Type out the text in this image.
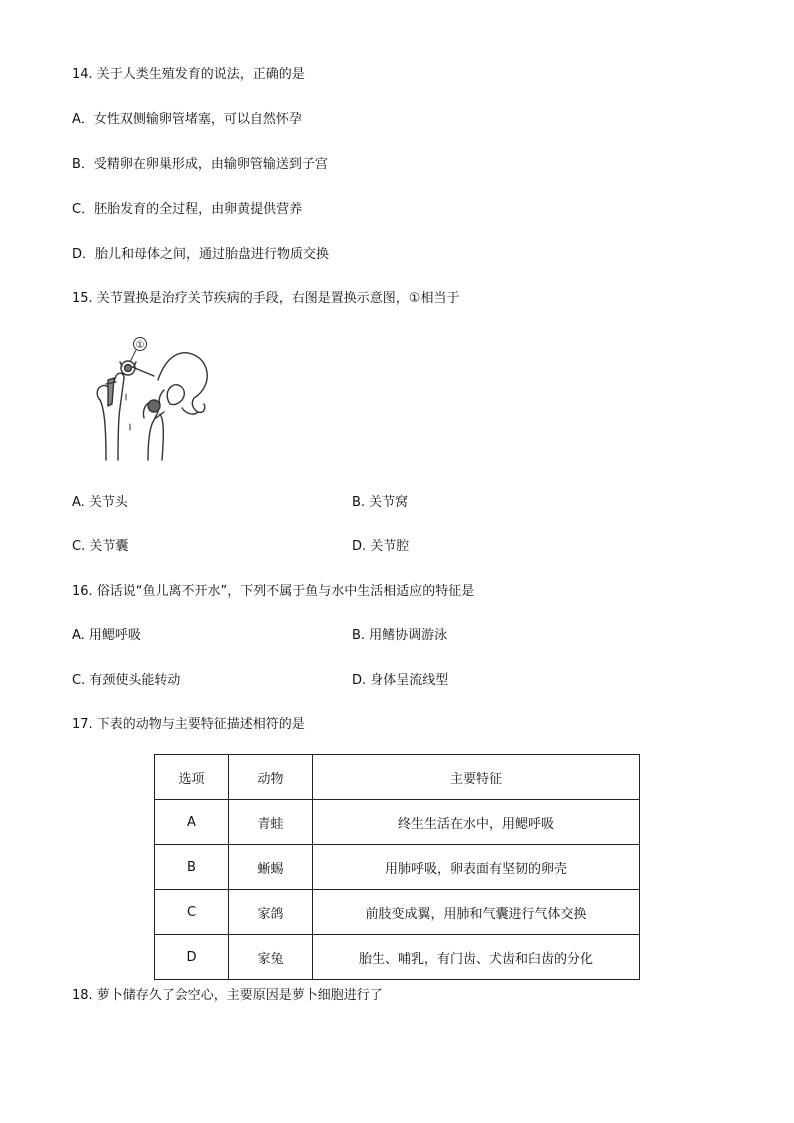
14. 关于人类生殖发育的说法，正确的是
A．女性双侧输卵管堵塞，可以自然怀孕
B．受精卵在卵巢形成，由输卵管输送到子宫
C．胚胎发育的全过程，由卵黄提供营养
D．胎儿和母体之间，通过胎盘进行物质交换
15. 关节置换是治疗关节疾病的手段，右图是置换示意图，①相当于
①
A. 关节头	B. 关节窝
C. 关节囊	D. 关节腔
16. 俗话说“鱼儿离不开水”，下列不属于鱼与水中生活相适应的特征是
A. 用鳃呼吸	B. 用鳍协调游泳
C. 有颈使头能转动	D. 身体呈流线型
17. 下表的动物与主要特征描述相符的是
选项	动物	主要特征
A	青蛙	终生生活在水中，用鳃呼吸
B	蜥蜴	用肺呼吸，卵表面有坚韧的卵壳
C	家鸽	前肢变成翼，用肺和气囊进行气体交换
D	家兔	胎生、哺乳，有门齿、犬齿和臼齿的分化
18. 萝卜储存久了会空心，主要原因是萝卜细胞进行了
